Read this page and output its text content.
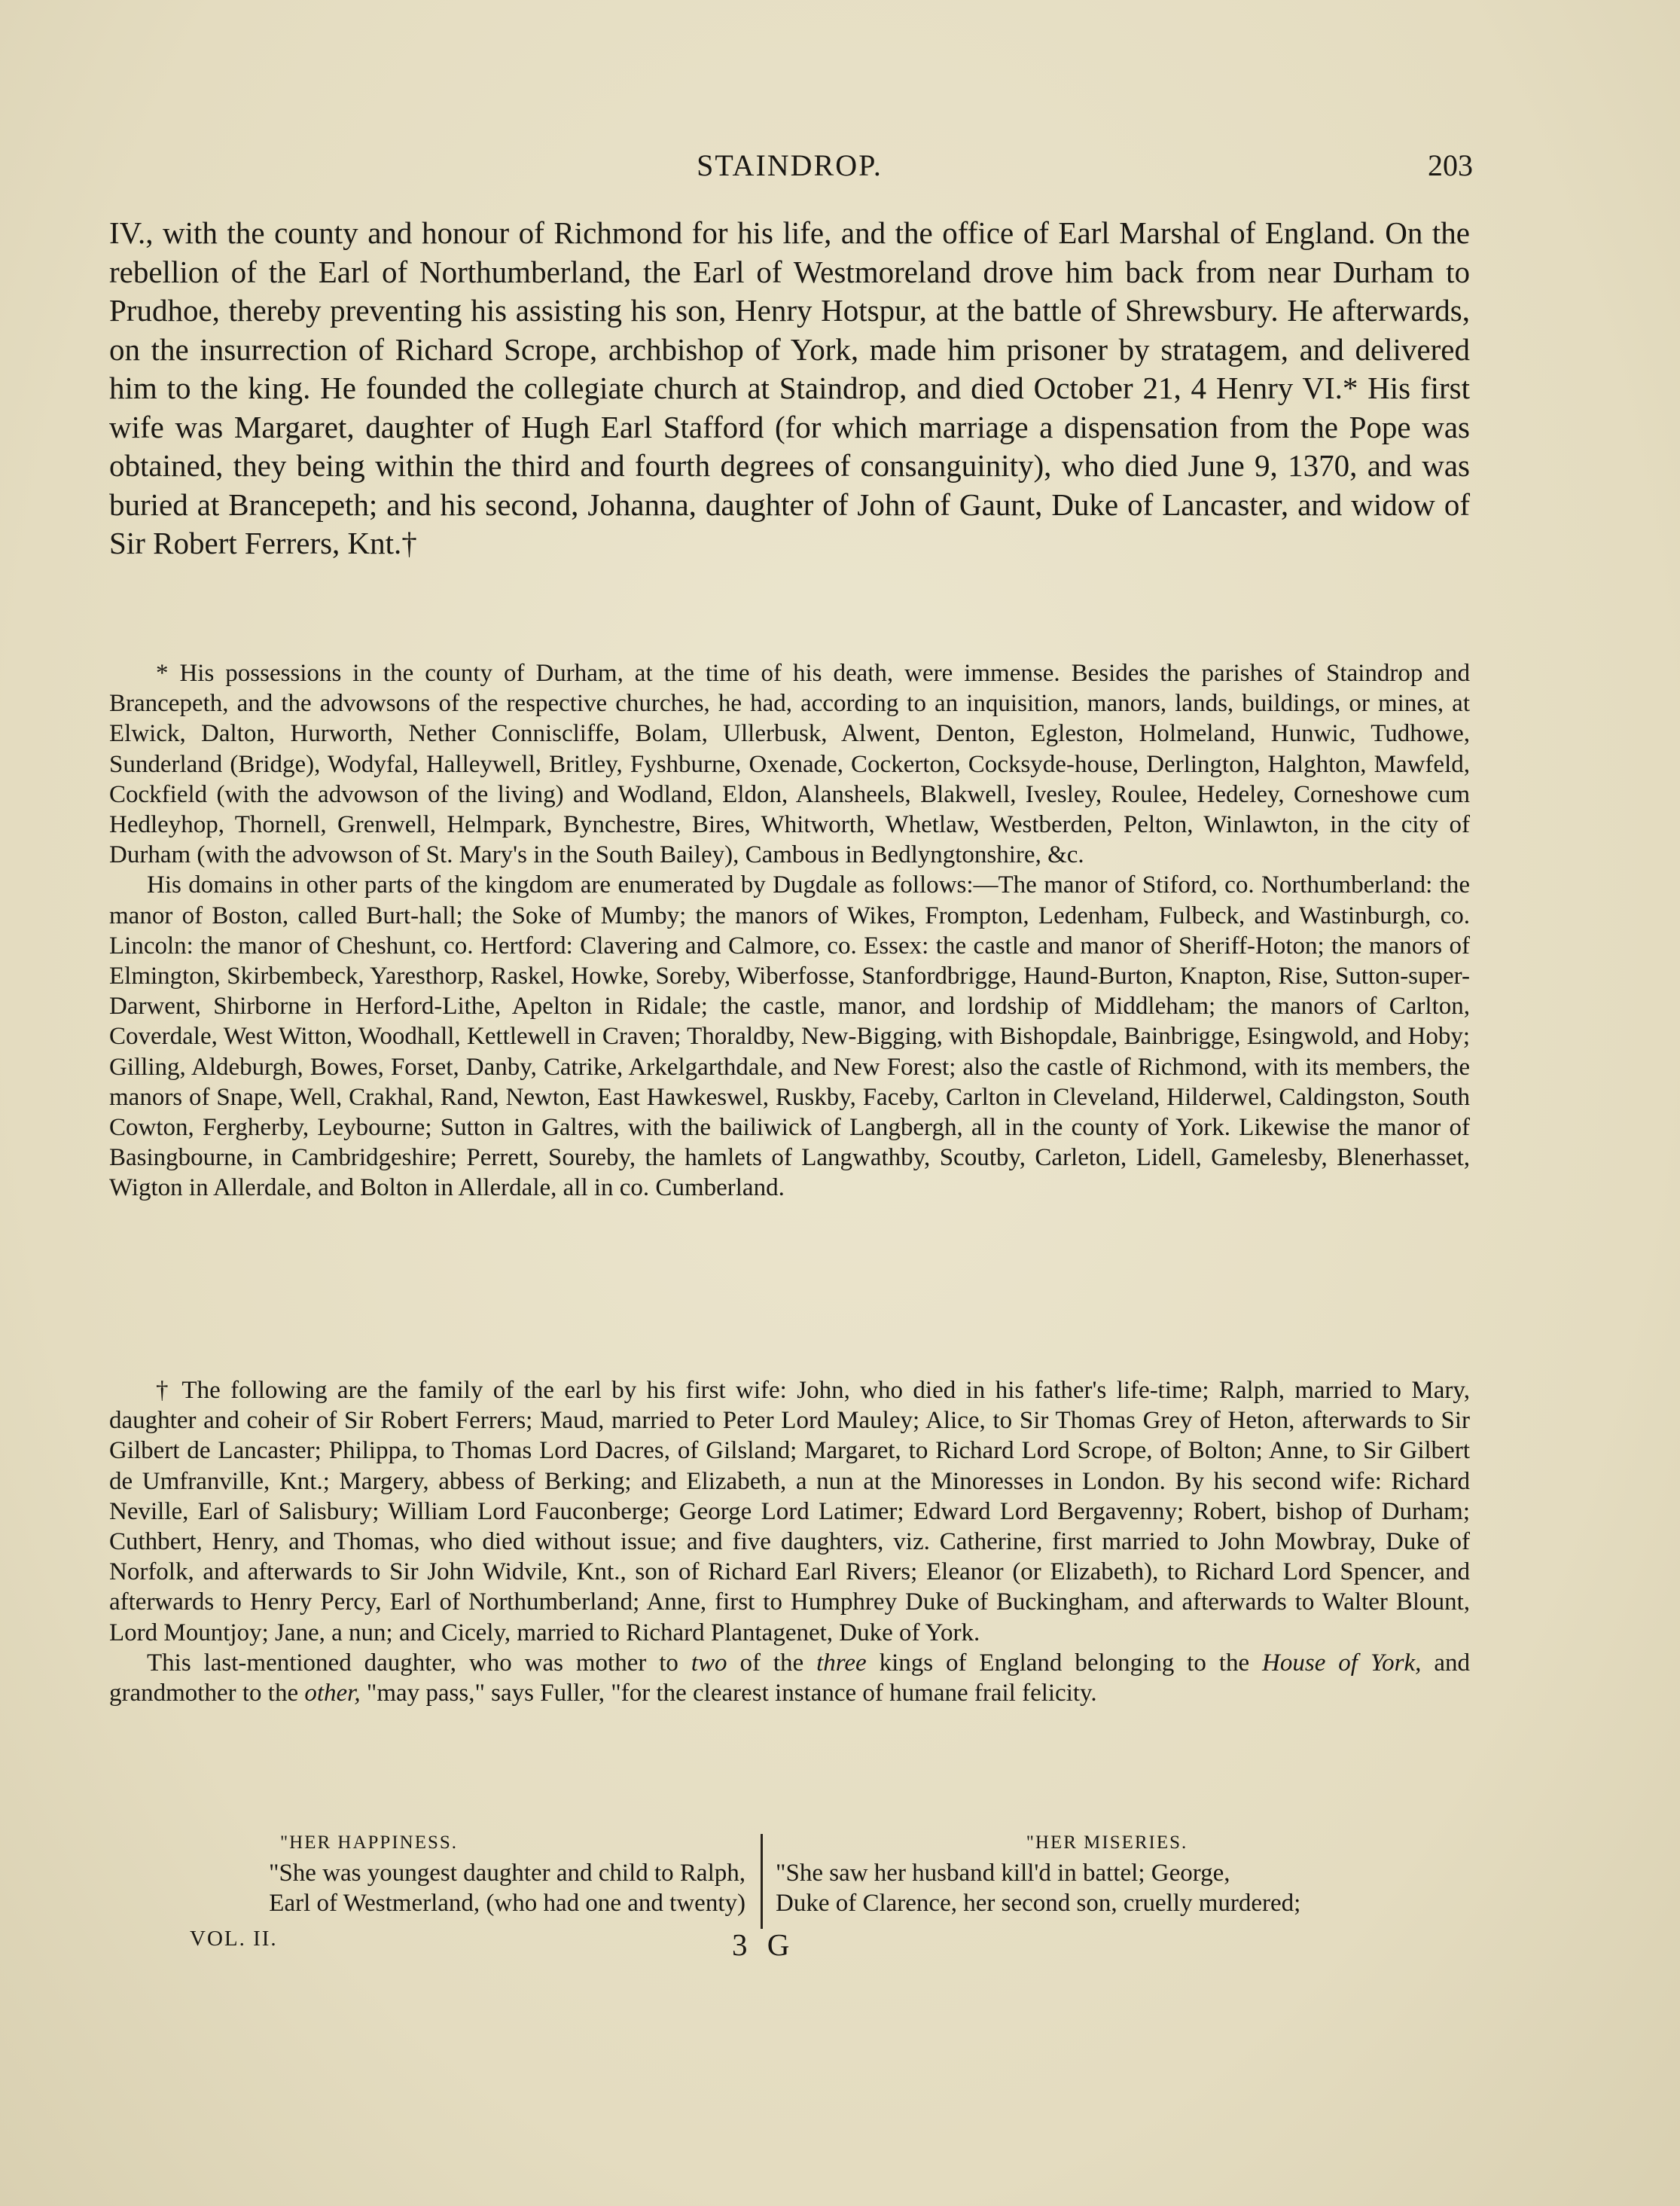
STAINDROP.	203

IV., with the county and honour of Richmond for his life, and the office of Earl Marshal of England. On the rebellion of the Earl of Northumberland, the Earl of Westmoreland drove him back from near Durham to Prudhoe, thereby preventing his assisting his son, Henry Hotspur, at the battle of Shrewsbury. He afterwards, on the insurrection of Richard Scrope, archbishop of York, made him prisoner by stratagem, and delivered him to the king. He founded the collegiate church at Staindrop, and died October 21, 4 Henry VI.* His first wife was Margaret, daughter of Hugh Earl Stafford (for which marriage a dispensation from the Pope was obtained, they being within the third and fourth degrees of consanguinity), who died June 9, 1370, and was buried at Brancepeth; and his second, Johanna, daughter of John of Gaunt, Duke of Lancaster, and widow of Sir Robert Ferrers, Knt.†

* His possessions in the county of Durham, at the time of his death, were immense. Besides the parishes of Staindrop and Brancepeth, and the advowsons of the respective churches, he had, according to an inquisition, manors, lands, buildings, or mines, at Elwick, Dalton, Hurworth, Nether Conniscliffe, Bolam, Ullerbusk, Alwent, Denton, Egleston, Holmeland, Hunwic, Tudhowe, Sunderland (Bridge), Wodyfal, Halleywell, Britley, Fyshburne, Oxenade, Cockerton, Cocksyde-house, Derlington, Halghton, Mawfeld, Cockfield (with the advowson of the living) and Wodland, Eldon, Alansheels, Blakwell, Ivesley, Roulee, Hedeley, Corneshowe cum Hedleyhop, Thornell, Grenwell, Helmpark, Bynchestre, Bires, Whitworth, Whetlaw, Westberden, Pelton, Winlawton, in the city of Durham (with the advowson of St. Mary's in the South Bailey), Cambous in Bedlyngtonshire, &c.

His domains in other parts of the kingdom are enumerated by Dugdale as follows:—The manor of Stiford, co. Northumberland: the manor of Boston, called Burt-hall; the Soke of Mumby; the manors of Wikes, Frompton, Ledenham, Fulbeck, and Wastinburgh, co. Lincoln: the manor of Cheshunt, co. Hertford: Clavering and Calmore, co. Essex: the castle and manor of Sheriff-Hoton; the manors of Elmington, Skirbembeck, Yaresthorp, Raskel, Howke, Soreby, Wiberfosse, Stanfordbrigge, Haund-Burton, Knapton, Rise, Sutton-super-Darwent, Shirborne in Herford-Lithe, Apelton in Ridale; the castle, manor, and lordship of Middleham; the manors of Carlton, Coverdale, West Witton, Woodhall, Kettlewell in Craven; Thoraldby, New-Bigging, with Bishopdale, Bainbrigge, Esingwold, and Hoby; Gilling, Aldeburgh, Bowes, Forset, Danby, Catrike, Arkelgarthdale, and New Forest; also the castle of Richmond, with its members, the manors of Snape, Well, Crakhal, Rand, Newton, East Hawkeswel, Ruskby, Faceby, Carlton in Cleveland, Hilderwel, Caldingston, South Cowton, Fergherby, Leybourne; Sutton in Galtres, with the bailiwick of Langbergh, all in the county of York. Likewise the manor of Basingbourne, in Cambridgeshire; Perrett, Soureby, the hamlets of Langwathby, Scoutby, Carleton, Lidell, Gamelesby, Blenerhasset, Wigton in Allerdale, and Bolton in Allerdale, all in co. Cumberland.

† The following are the family of the earl by his first wife: John, who died in his father's life-time; Ralph, married to Mary, daughter and coheir of Sir Robert Ferrers; Maud, married to Peter Lord Mauley; Alice, to Sir Thomas Grey of Heton, afterwards to Sir Gilbert de Lancaster; Philippa, to Thomas Lord Dacres, of Gilsland; Margaret, to Richard Lord Scrope, of Bolton; Anne, to Sir Gilbert de Umfranville, Knt.; Margery, abbess of Berking; and Elizabeth, a nun at the Minoresses in London. By his second wife: Richard Neville, Earl of Salisbury; William Lord Fauconberge; George Lord Latimer; Edward Lord Bergavenny; Robert, bishop of Durham; Cuthbert, Henry, and Thomas, who died without issue; and five daughters, viz. Catherine, first married to John Mowbray, Duke of Norfolk, and afterwards to Sir John Widvile, Knt., son of Richard Earl Rivers; Eleanor (or Elizabeth), to Richard Lord Spencer, and afterwards to Henry Percy, Earl of Northumberland; Anne, first to Humphrey Duke of Buckingham, and afterwards to Walter Blount, Lord Mountjoy; Jane, a nun; and Cicely, married to Richard Plantagenet, Duke of York.

This last-mentioned daughter, who was mother to two of the three kings of England belonging to the House of York, and grandmother to the other, "may pass," says Fuller, "for the clearest instance of humane frail felicity.

"HER HAPPINESS.
"She was youngest daughter and child to Ralph,
Earl of Westmerland, (who had one and twenty)
"HER MISERIES.
"She saw her husband kill'd in battel; George,
Duke of Clarence, her second son, cruelly murdered;
VOL. II.	3 G
